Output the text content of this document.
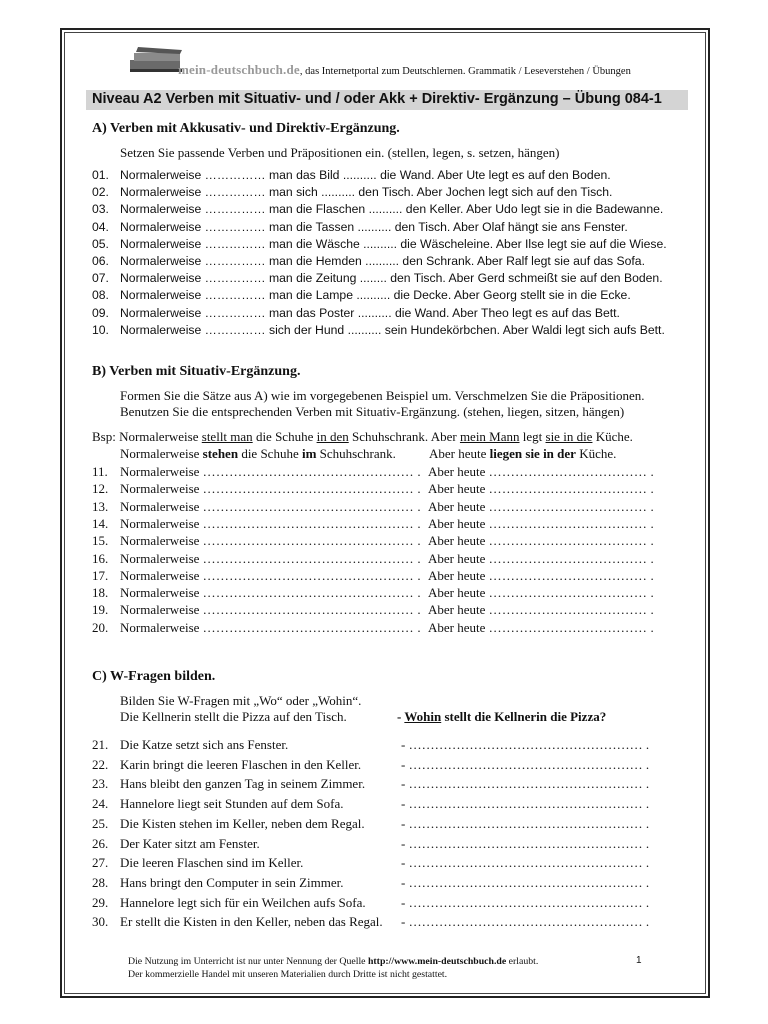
mein-deutschbuch.de, das Internetportal zum Deutschlernen. Grammatik / Leseverstehen / Übungen
Niveau A2 Verben mit Situativ- und / oder Akk + Direktiv- Ergänzung – Übung 084-1
A) Verben mit Akkusativ- und Direktiv-Ergänzung.
Setzen Sie passende Verben und Präpositionen ein. (stellen, legen, s. setzen, hängen)
01. Normalerweise …………… man das Bild .......... die Wand. Aber Ute legt es auf den Boden.
02. Normalerweise …………… man sich .......... den Tisch. Aber Jochen legt sich auf den Tisch.
03. Normalerweise …………… man die Flaschen .......... den Keller. Aber Udo legt sie in die Badewanne.
04. Normalerweise …………… man die Tassen .......... den Tisch. Aber Olaf hängt sie ans Fenster.
05. Normalerweise …………… man die Wäsche .......... die Wäscheleine. Aber Ilse legt sie auf die Wiese.
06. Normalerweise …………… man die Hemden .......... den Schrank. Aber Ralf legt sie auf das Sofa.
07. Normalerweise …………… man die Zeitung ........ den Tisch. Aber Gerd schmeißt sie auf den Boden.
08. Normalerweise …………… man die Lampe .......... die Decke. Aber Georg stellt sie in die Ecke.
09. Normalerweise …………… man das Poster .......... die Wand. Aber Theo legt es auf das Bett.
10. Normalerweise …………… sich der Hund .......... sein Hundekörbchen. Aber Waldi legt sich aufs Bett.
B) Verben mit Situativ-Ergänzung.
Formen Sie die Sätze aus A) wie im vorgegebenen Beispiel um. Verschmelzen Sie die Präpositionen.
Benutzen Sie die entsprechenden Verben mit Situativ-Ergänzung. (stehen, liegen, sitzen, hängen)
Bsp: Normalerweise stellt man die Schuhe in den Schuhschrank. Aber mein Mann legt sie in die Küche.
Normalerweise stehen die Schuhe im Schuhschrank.	Aber heute liegen sie in der Küche.
11. Normalerweise ………………………………………… . Aber heute ……………………………… .
12. Normalerweise ………………………………………… . Aber heute ……………………………… .
13. Normalerweise ………………………………………… . Aber heute ……………………………… .
14. Normalerweise ………………………………………… . Aber heute ……………………………… .
15. Normalerweise ………………………………………… . Aber heute ……………………………… .
16. Normalerweise ………………………………………… . Aber heute ……………………………… .
17. Normalerweise ………………………………………… . Aber heute ……………………………… .
18. Normalerweise ………………………………………… . Aber heute ……………………………… .
19. Normalerweise ………………………………………… . Aber heute ……………………………… .
20. Normalerweise ………………………………………… . Aber heute ……………………………… .
C) W-Fragen bilden.
Bilden Sie W-Fragen mit „Wo“ oder „Wohin“.
Die Kellnerin stellt die Pizza auf den Tisch.	- Wohin stellt die Kellnerin die Pizza?
21. Die Katze setzt sich ans Fenster.	- ……………………………………………… .
22. Karin bringt die leeren Flaschen in den Keller.	- ……………………………………………… .
23. Hans bleibt den ganzen Tag in seinem Zimmer.	- ……………………………………………… .
24. Hannelore liegt seit Stunden auf dem Sofa.	- ……………………………………………… .
25. Die Kisten stehen im Keller, neben dem Regal.	- ……………………………………………… .
26. Der Kater sitzt am Fenster.	- ……………………………………………… .
27. Die leeren Flaschen sind im Keller.	- ……………………………………………… .
28. Hans bringt den Computer in sein Zimmer.	- ……………………………………………… .
29. Hannelore legt sich für ein Weilchen aufs Sofa.	- ……………………………………………… .
30. Er stellt die Kisten in den Keller, neben das Regal. - ……………………………………………… .
Die Nutzung im Unterricht ist nur unter Nennung der Quelle http://www.mein-deutschbuch.de erlaubt.
Der kommerzielle Handel mit unseren Materialien durch Dritte ist nicht gestattet.
1
